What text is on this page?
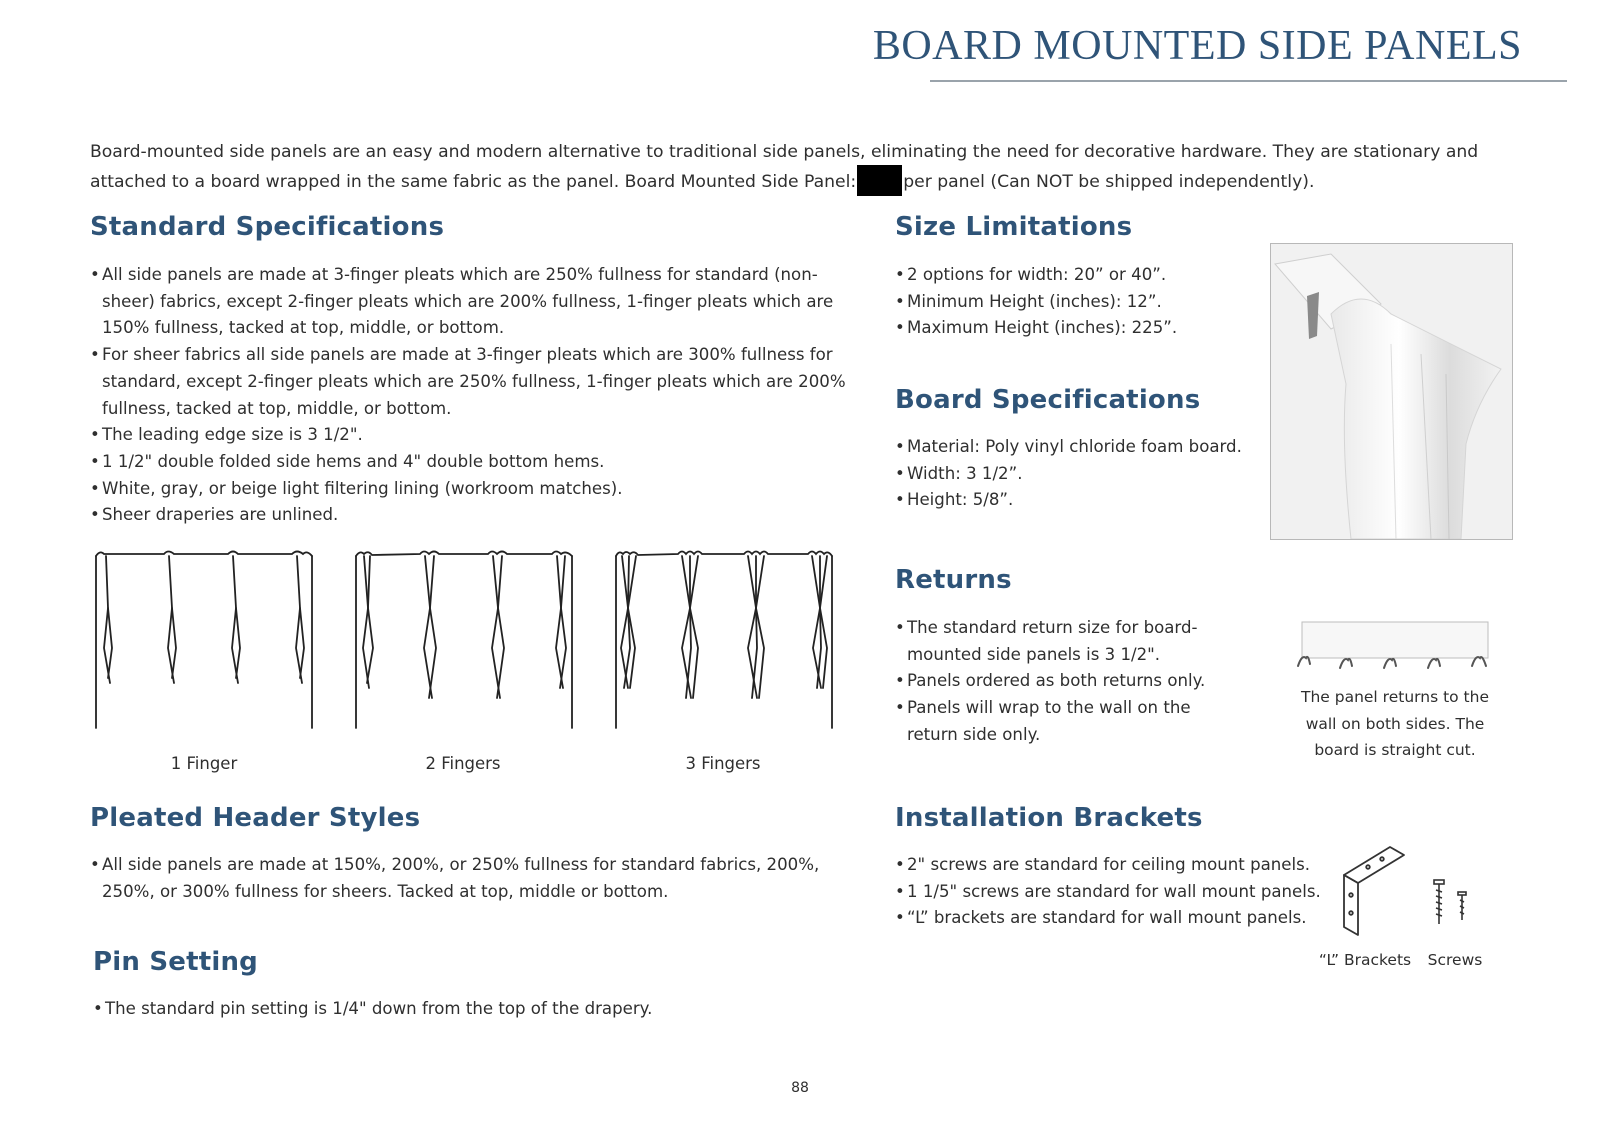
BOARD MOUNTED SIDE PANELS
Board-mounted side panels are an easy and modern alternative to traditional side panels, eliminating the need for decorative hardware. They are stationary and attached to a board wrapped in the same fabric as the panel. Board Mounted Side Panel:	per panel (Can NOT be shipped independently).
Standard Specifications
• All side panels are made at 3-finger pleats which are 250% fullness for standard (non-sheer) fabrics, except 2-finger pleats which are 200% fullness, 1-finger pleats which are 150% fullness, tacked at top, middle, or bottom.
• For sheer fabrics all side panels are made at 3-finger pleats which are 300% fullness for standard, except 2-finger pleats which are 250% fullness, 1-finger pleats which are 200% fullness, tacked at top, middle, or bottom.
• The leading edge size is 3 1/2".
• 1 1/2" double folded side hems and 4" double bottom hems.
• White, gray, or beige light filtering lining (workroom matches).
• Sheer draperies are unlined.
1 Finger	2 Fingers	3 Fingers
Pleated Header Styles
• All side panels are made at 150%, 200%, or 250% fullness for standard fabrics, 200%, 250%, or 300% fullness for sheers. Tacked at top, middle or bottom.
Pin Setting
• The standard pin setting is 1/4" down from the top of the drapery.
Size Limitations
• 2 options for width: 20” or 40”.
• Minimum Height (inches): 12”.
• Maximum Height (inches): 225”.
Board Specifications
• Material: Poly vinyl chloride foam board.
• Width: 3 1/2”.
• Height: 5/8”.
Returns
• The standard return size for board-mounted side panels is 3 1/2".
• Panels ordered as both returns only.
• Panels will wrap to the wall on the return side only.
The panel returns to the wall on both sides. The board is straight cut.
Installation Brackets
• 2" screws are standard for ceiling mount panels.
• 1 1/5" screws are standard for wall mount panels.
• “L” brackets are standard for wall mount panels.
“L” Brackets	Screws
88
